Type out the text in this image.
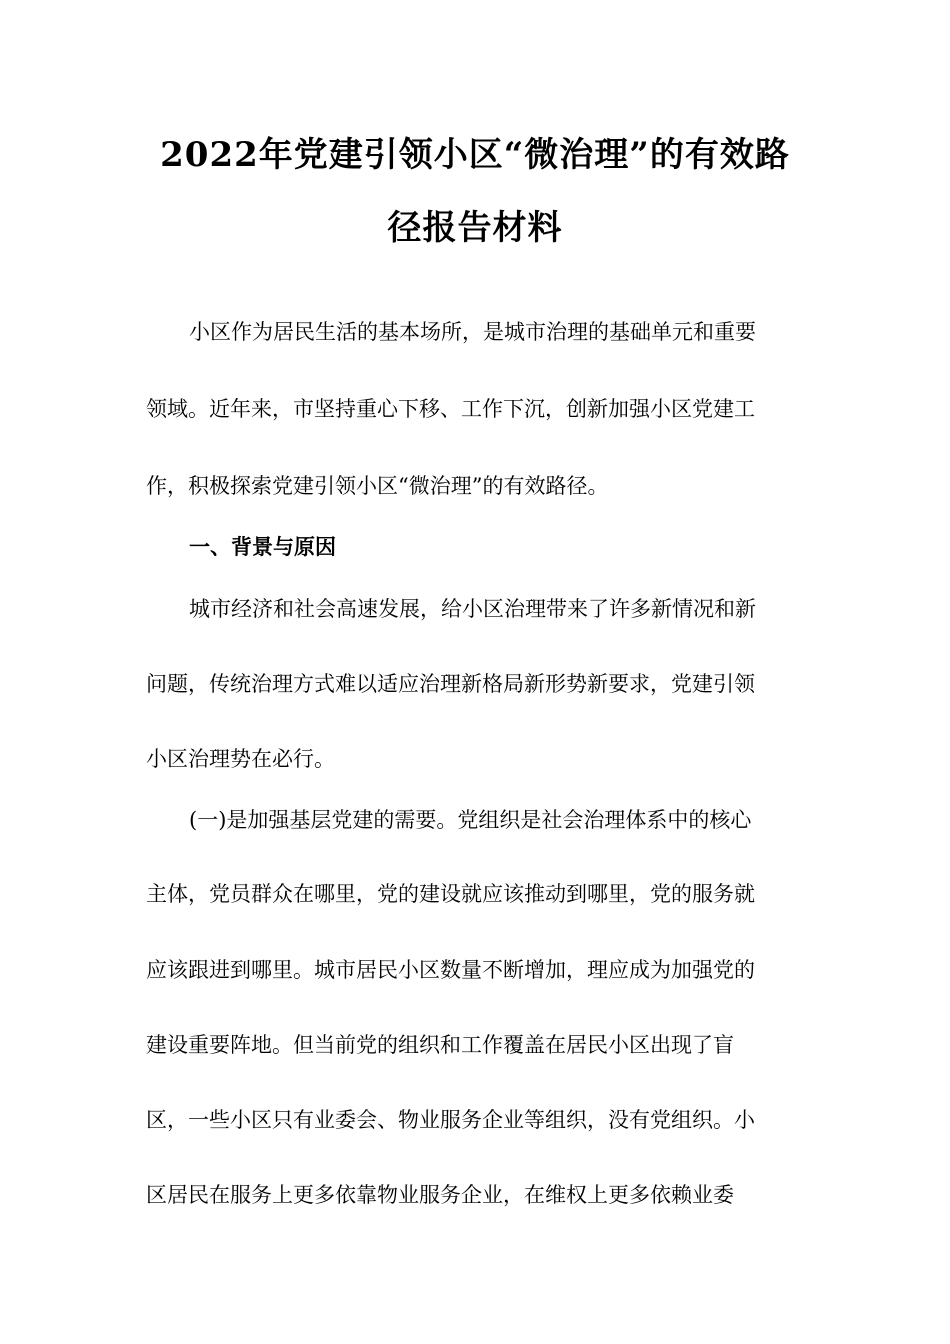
2022年党建引领小区“微治理”的有效路
径报告材料
小区作为居民生活的基本场所，是城市治理的基础单元和重要
领域。近年来，市坚持重心下移、工作下沉，创新加强小区党建工
作，积极探索党建引领小区“微治理”的有效路径。
一、背景与原因
城市经济和社会高速发展，给小区治理带来了许多新情况和新
问题，传统治理方式难以适应治理新格局新形势新要求，党建引领
小区治理势在必行。
(一)是加强基层党建的需要。党组织是社会治理体系中的核心
主体，党员群众在哪里，党的建设就应该推动到哪里，党的服务就
应该跟进到哪里。城市居民小区数量不断增加，理应成为加强党的
建设重要阵地。但当前党的组织和工作覆盖在居民小区出现了盲
区，一些小区只有业委会、物业服务企业等组织，没有党组织。小
区居民在服务上更多依靠物业服务企业，在维权上更多依赖业委
